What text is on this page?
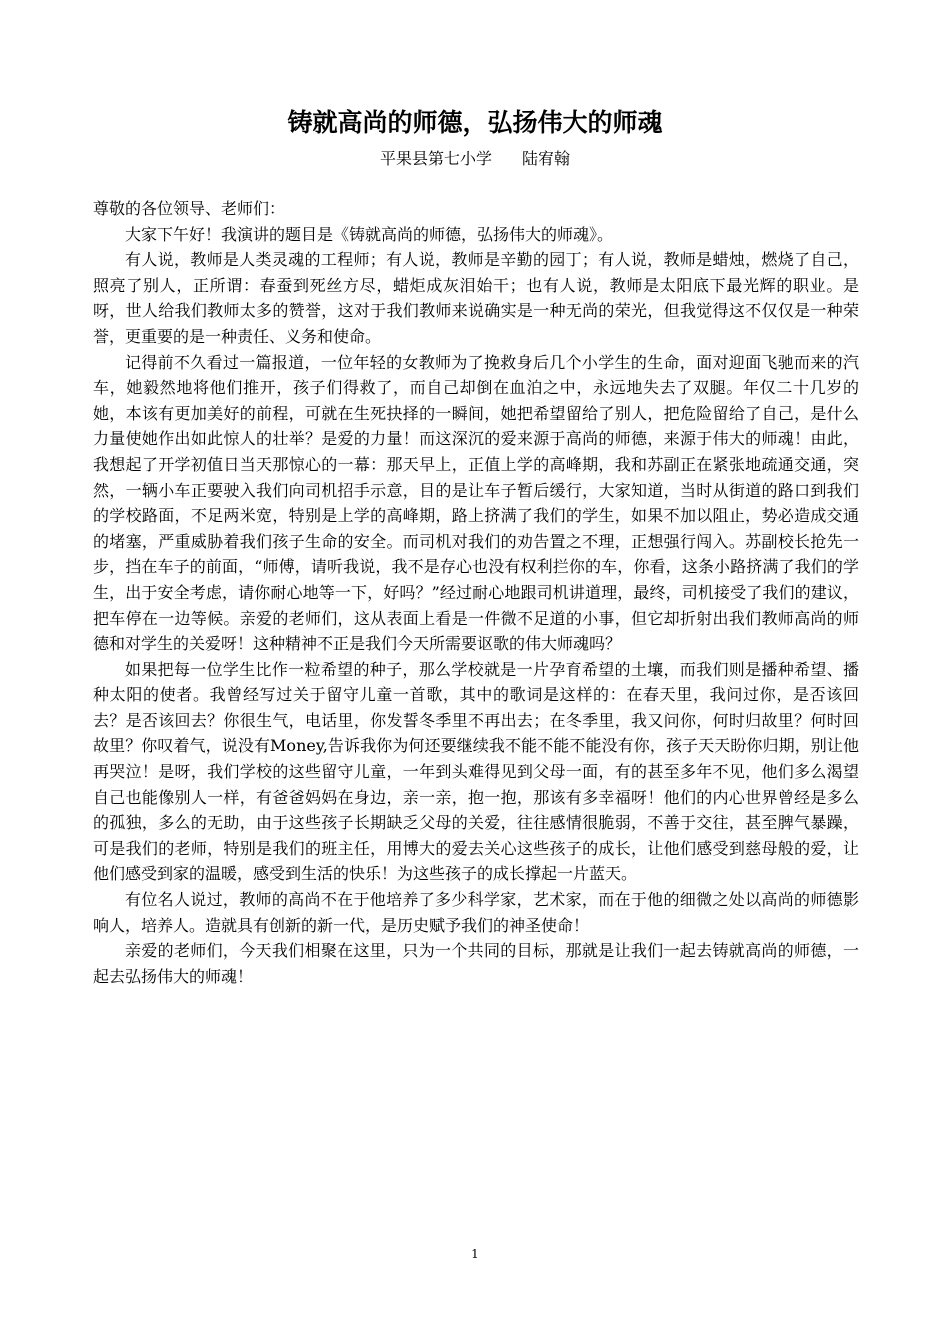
铸就高尚的师德，弘扬伟大的师魂
平果县第七小学 陆宥翰

尊敬的各位领导、老师们：

大家下午好！我演讲的题目是《铸就高尚的师德，弘扬伟大的师魂》。

有人说，教师是人类灵魂的工程师；有人说，教师是辛勤的园丁；有人说，教师是蜡烛，燃烧了自己，照亮了别人，正所谓：春蚕到死丝方尽，蜡炬成灰泪始干；也有人说，教师是太阳底下最光辉的职业。是呀，世人给我们教师太多的赞誉，这对于我们教师来说确实是一种无尚的荣光，但我觉得这不仅仅是一种荣誉，更重要的是一种责任、义务和使命。

记得前不久看过一篇报道，一位年轻的女教师为了挽救身后几个小学生的生命，面对迎面飞驰而来的汽车，她毅然地将他们推开，孩子们得救了，而自己却倒在血泊之中，永远地失去了双腿。年仅二十几岁的她，本该有更加美好的前程，可就在生死抉择的一瞬间，她把希望留给了别人，把危险留给了自己，是什么力量使她作出如此惊人的壮举？是爱的力量！而这深沉的爱来源于高尚的师德，来源于伟大的师魂！由此，我想起了开学初值日当天那惊心的一幕：那天早上，正值上学的高峰期，我和苏副正在紧张地疏通交通，突然，一辆小车正要驶入我们向司机招手示意，目的是让车子暂后缓行，大家知道，当时从街道的路口到我们的学校路面，不足两米宽，特别是上学的高峰期，路上挤满了我们的学生，如果不加以阻止，势必造成交通的堵塞，严重威胁着我们孩子生命的安全。而司机对我们的劝告置之不理，正想强行闯入。苏副校长抢先一步，挡在车子的前面，“师傅，请听我说，我不是存心也没有权利拦你的车，你看，这条小路挤满了我们的学生，出于安全考虑，请你耐心地等一下，好吗？”经过耐心地跟司机讲道理，最终，司机接受了我们的建议，把车停在一边等候。亲爱的老师们，这从表面上看是一件微不足道的小事，但它却折射出我们教师高尚的师德和对学生的关爱呀！这种精神不正是我们今天所需要讴歌的伟大师魂吗？

如果把每一位学生比作一粒希望的种子，那么学校就是一片孕育希望的土壤，而我们则是播种希望、播种太阳的使者。我曾经写过关于留守儿童一首歌，其中的歌词是这样的：在春天里，我问过你，是否该回去？是否该回去？你很生气，电话里，你发誓冬季里不再出去；在冬季里，我又问你，何时归故里？何时回故里？你叹着气，说没有Money,告诉我你为何还要继续我不能不能不能没有你，孩子天天盼你归期，别让他再哭泣！是呀，我们学校的这些留守儿童，一年到头难得见到父母一面，有的甚至多年不见，他们多么渴望自己也能像别人一样，有爸爸妈妈在身边，亲一亲，抱一抱，那该有多幸福呀！他们的内心世界曾经是多么的孤独，多么的无助，由于这些孩子长期缺乏父母的关爱，往往感情很脆弱，不善于交往，甚至脾气暴躁，可是我们的老师，特别是我们的班主任，用博大的爱去关心这些孩子的成长，让他们感受到慈母般的爱，让他们感受到家的温暖，感受到生活的快乐！为这些孩子的成长撑起一片蓝天。

有位名人说过，教师的高尚不在于他培养了多少科学家，艺术家，而在于他的细微之处以高尚的师德影响人，培养人。造就具有创新的新一代，是历史赋予我们的神圣使命！

亲爱的老师们，今天我们相聚在这里，只为一个共同的目标，那就是让我们一起去铸就高尚的师德，一起去弘扬伟大的师魂！

1
